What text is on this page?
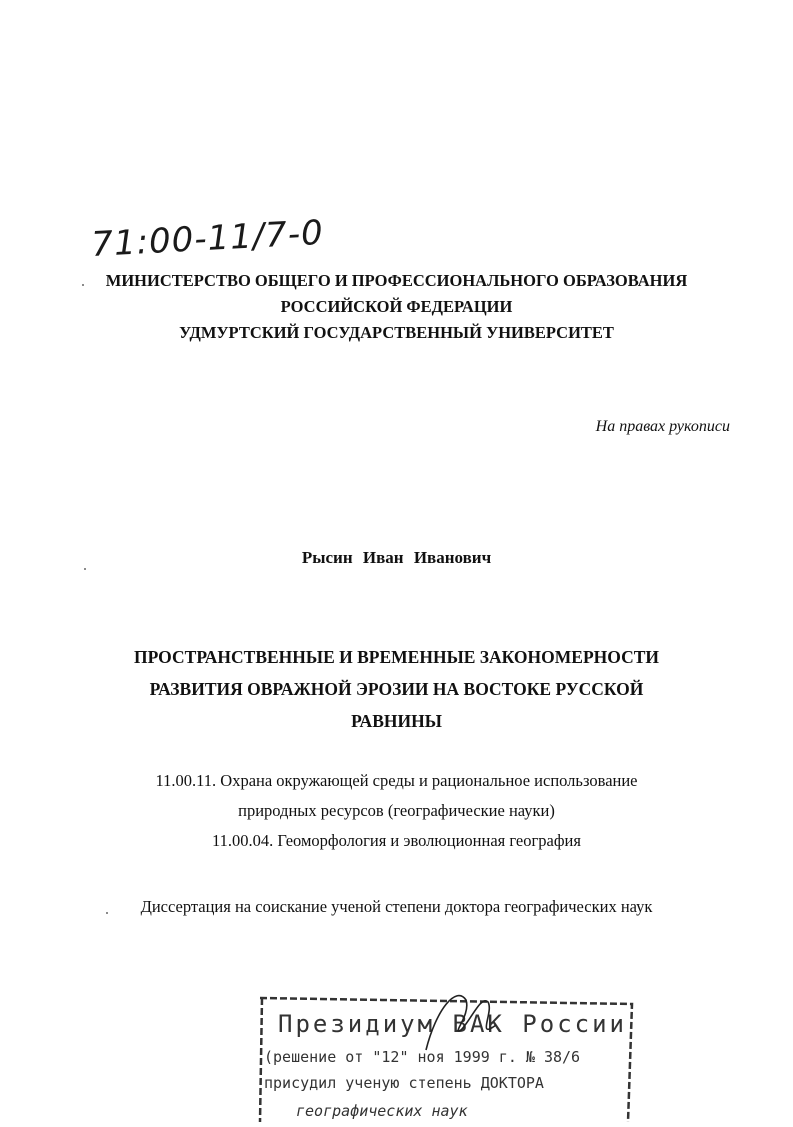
71:00-11/7-0
МИНИСТЕРСТВО ОБЩЕГО И ПРОФЕССИОНАЛЬНОГО ОБРАЗОВАНИЯ
РОССИЙСКОЙ ФЕДЕРАЦИИ
УДМУРТСКИЙ ГОСУДАРСТВЕННЫЙ УНИВЕРСИТЕТ
На правах рукописи
Рысин Иван Иванович
ПРОСТРАНСТВЕННЫЕ И ВРЕМЕННЫЕ ЗАКОНОМЕРНОСТИ
РАЗВИТИЯ ОВРАЖНОЙ ЭРОЗИИ НА ВОСТОКЕ РУССКОЙ
РАВНИНЫ
11.00.11. Охрана окружающей среды и рациональное использование
природных ресурсов (географические науки)
11.00.04. Геоморфология и эволюционная география
Диссертация на соискание ученой степени доктора географических наук
Президиум ВАК России
(решение от "12" ноя 1999 г. № 38/6
присудил ученую степень ДОКТОРА
географических наук
